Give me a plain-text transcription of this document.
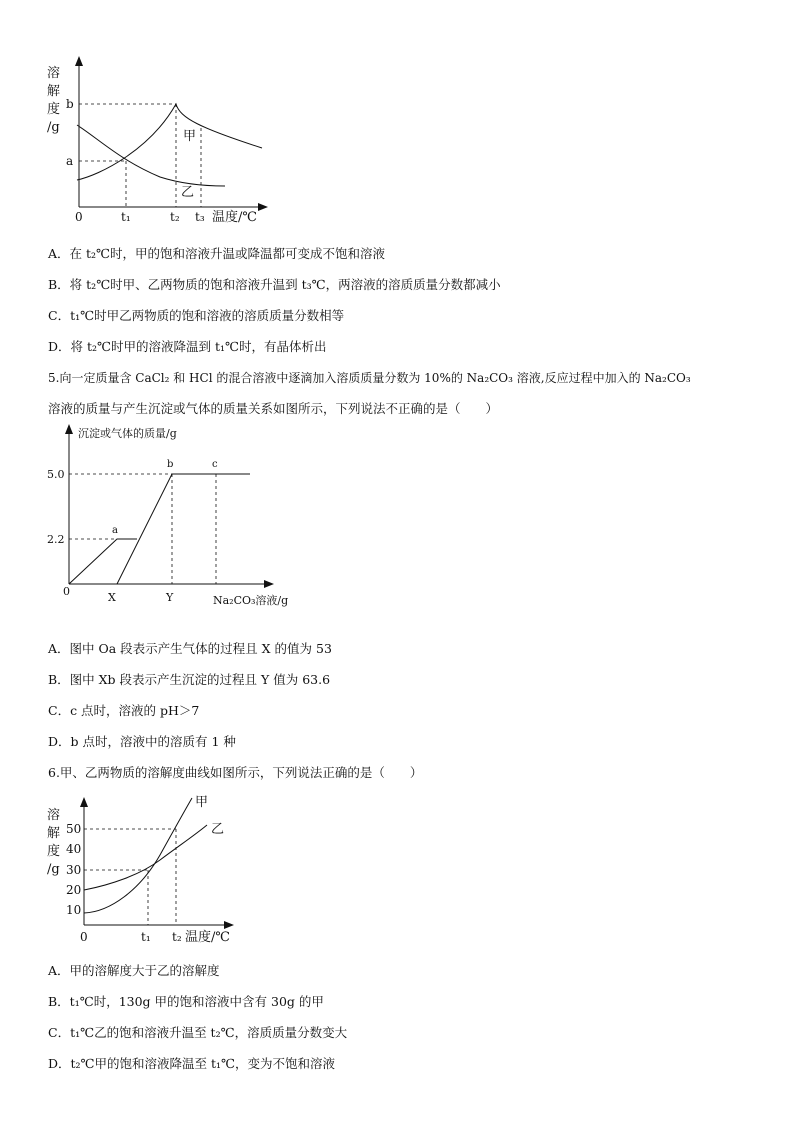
溶
解
度
/g
b
a
0	t₁	t₂ t₃ 温度/℃
甲
乙
沉淀或气体的质量/g
5.0
2.2
0
a
b	c
X	Y	Na₂CO₃溶液/g
溶
解
度
/g
50
40
30
20
10
0	t₁ t₂ 温度/℃
甲
乙
A．在 t₂℃时，甲的饱和溶液升温或降温都可变成不饱和溶液
B．将 t₂℃时甲、乙两物质的饱和溶液升温到 t₃℃，两溶液的溶质质量分数都减小
C．t₁℃时甲乙两物质的饱和溶液的溶质质量分数相等
D．将 t₂℃时甲的溶液降温到 t₁℃时，有晶体析出
5.向一定质量含 CaCl₂ 和 HCl 的混合溶液中逐滴加入溶质质量分数为 10%的 Na₂CO₃ 溶液,反应过程中加入的 Na₂CO₃
溶液的质量与产生沉淀或气体的质量关系如图所示，下列说法不正确的是（　　）
A．图中 Oa 段表示产生气体的过程且 X 的值为 53
B．图中 Xb 段表示产生沉淀的过程且 Y 值为 63.6
C．c 点时，溶液的 pH＞7
D．b 点时，溶液中的溶质有 1 种
6.甲、乙两物质的溶解度曲线如图所示，下列说法正确的是（　　）
A．甲的溶解度大于乙的溶解度
B．t₁℃时，130g 甲的饱和溶液中含有 30g 的甲
C．t₁℃乙的饱和溶液升温至 t₂℃，溶质质量分数变大
D．t₂℃甲的饱和溶液降温至 t₁℃，变为不饱和溶液
